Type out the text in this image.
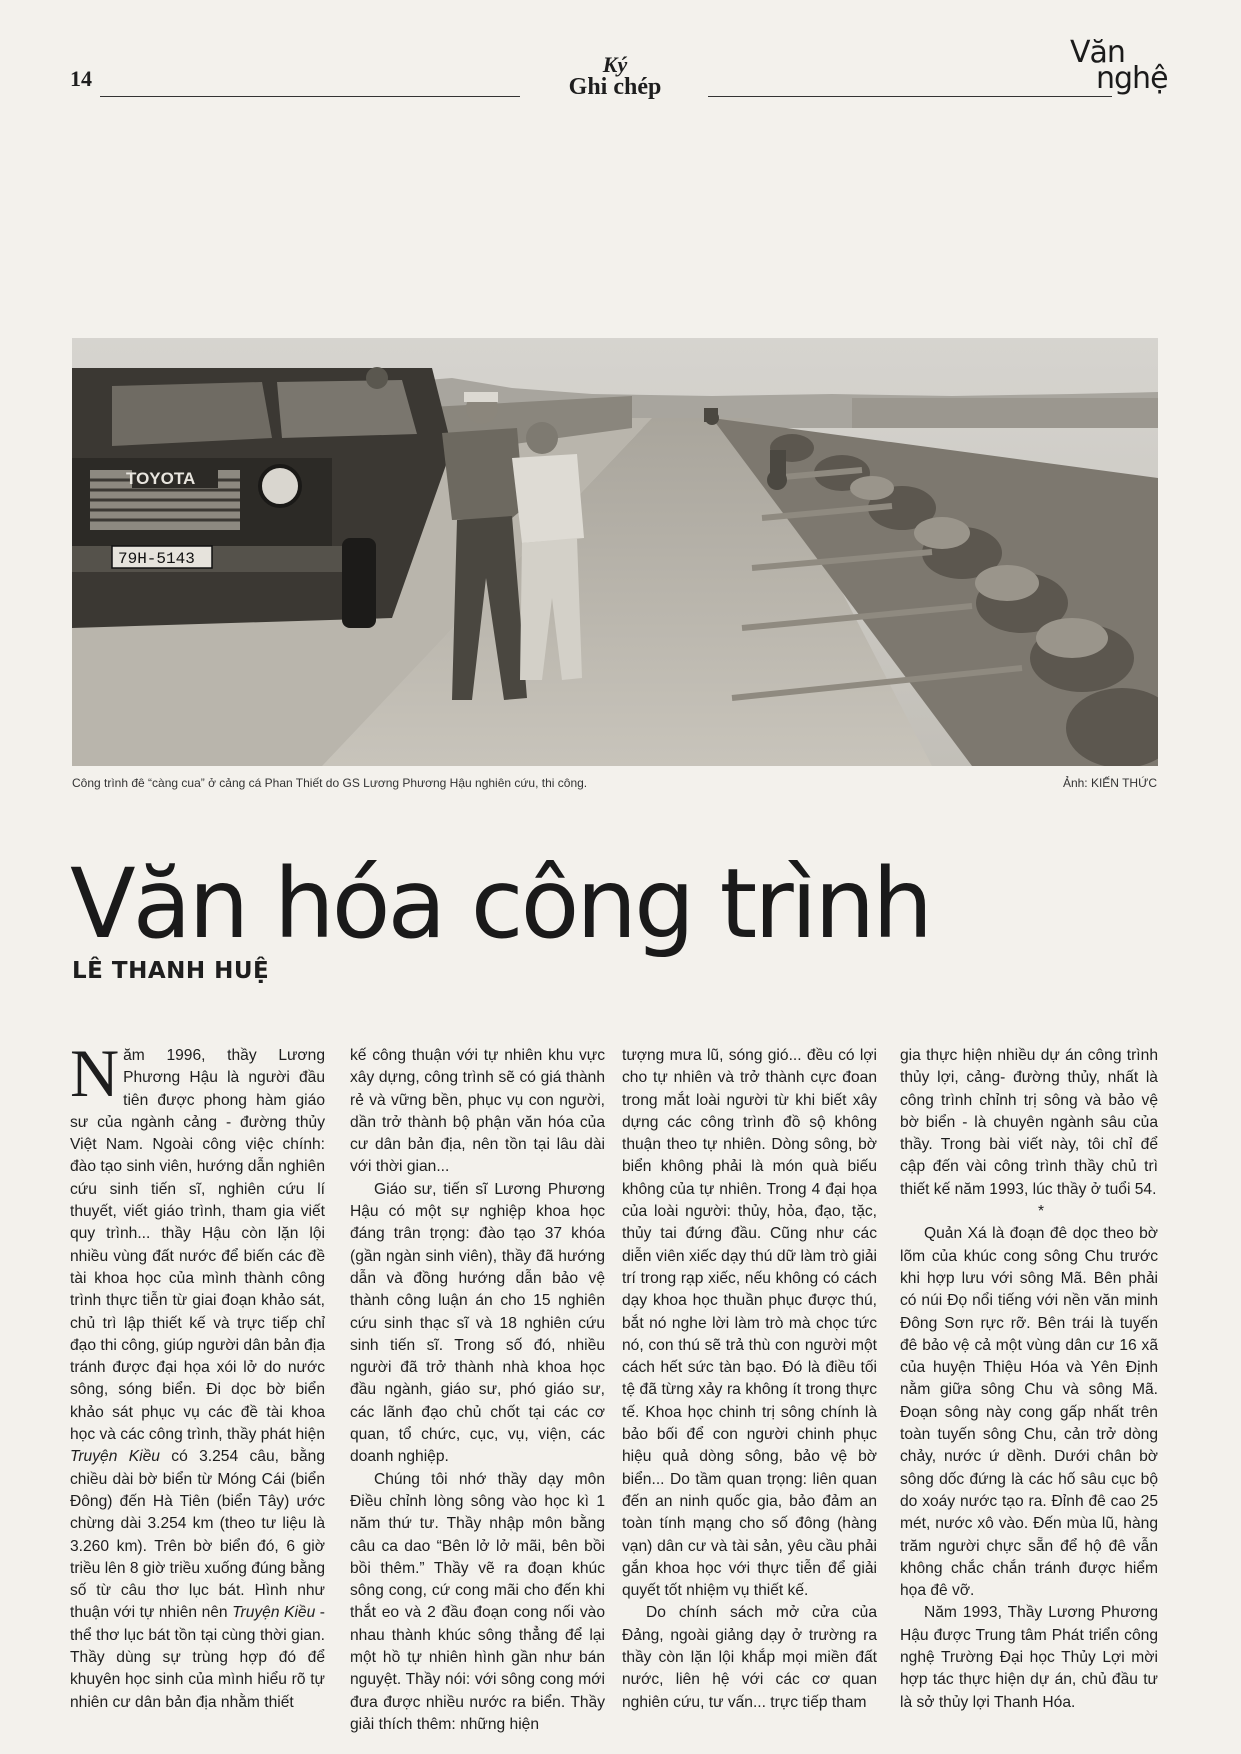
14
Ký
Ghi chép
Văn
nghệ
TOYOTA
79H-5143
Công trình đê “càng cua” ở cảng cá Phan Thiết do GS Lương Phương Hậu nghiên cứu, thi công.	Ảnh: KIẾN THỨC
Văn hóa công trình
LÊ THANH HUỆ

Năm 1996, thầy Lương Phương Hậu là người đầu tiên được phong hàm giáo sư của ngành cảng - đường thủy Việt Nam. Ngoài công việc chính: đào tạo sinh viên, hướng dẫn nghiên cứu sinh tiến sĩ, nghiên cứu lí thuyết, viết giáo trình, tham gia viết quy trình... thầy Hậu còn lặn lội nhiều vùng đất nước để biến các đề tài khoa học của mình thành công trình thực tiễn từ giai đoạn khảo sát, chủ trì lập thiết kế và trực tiếp chỉ đạo thi công, giúp người dân bản địa tránh được đại họa xói lở do nước sông, sóng biển. Đi dọc bờ biển khảo sát phục vụ các đề tài khoa học và các công trình, thầy phát hiện Truyện Kiều có 3.254 câu, bằng chiều dài bờ biển từ Móng Cái (biển Đông) đến Hà Tiên (biển Tây) ước chừng dài 3.254 km (theo tư liệu là 3.260 km). Trên bờ biển đó, 6 giờ triều lên 8 giờ triều xuống đúng bằng số từ câu thơ lục bát. Hình như thuận với tự nhiên nên Truyện Kiều - thể thơ lục bát tồn tại cùng thời gian. Thầy dùng sự trùng hợp đó để khuyên học sinh của mình hiểu rõ tự nhiên cư dân bản địa nhằm thiết

kế công thuận với tự nhiên khu vực xây dựng, công trình sẽ có giá thành rẻ và vững bền, phục vụ con người, dần trở thành bộ phận văn hóa của cư dân bản địa, nên tồn tại lâu dài với thời gian...

Giáo sư, tiến sĩ Lương Phương Hậu có một sự nghiệp khoa học đáng trân trọng: đào tạo 37 khóa (gần ngàn sinh viên), thầy đã hướng dẫn và đồng hướng dẫn bảo vệ thành công luận án cho 15 nghiên cứu sinh thạc sĩ và 18 nghiên cứu sinh tiến sĩ. Trong số đó, nhiều người đã trở thành nhà khoa học đầu ngành, giáo sư, phó giáo sư, các lãnh đạo chủ chốt tại các cơ quan, tổ chức, cục, vụ, viện, các doanh nghiệp.

Chúng tôi nhớ thầy dạy môn Điều chỉnh lòng sông vào học kì 1 năm thứ tư. Thầy nhập môn bằng câu ca dao “Bên lở lở mãi, bên bồi bồi thêm.” Thầy vẽ ra đoạn khúc sông cong, cứ cong mãi cho đến khi thắt eo và 2 đầu đoạn cong nối vào nhau thành khúc sông thẳng để lại một hồ tự nhiên hình gần như bán nguyệt. Thầy nói: với sông cong mới đưa được nhiều nước ra biển. Thầy giải thích thêm: những hiện

tượng mưa lũ, sóng gió... đều có lợi cho tự nhiên và trở thành cực đoan trong mắt loài người từ khi biết xây dựng các công trình đồ sộ không thuận theo tự nhiên. Dòng sông, bờ biển không phải là món quà biếu không của tự nhiên. Trong 4 đại họa của loài người: thủy, hỏa, đạo, tặc, thủy tai đứng đầu. Cũng như các diễn viên xiếc dạy thú dữ làm trò giải trí trong rạp xiếc, nếu không có cách dạy khoa học thuần phục được thú, bắt nó nghe lời làm trò mà chọc tức nó, con thú sẽ trả thù con người một cách hết sức tàn bạo. Đó là điều tối tệ đã từng xảy ra không ít trong thực tế. Khoa học chinh trị sông chính là bảo bối để con người chinh phục hiệu quả dòng sông, bảo vệ bờ biển... Do tầm quan trọng: liên quan đến an ninh quốc gia, bảo đảm an toàn tính mạng cho số đông (hàng vạn) dân cư và tài sản, yêu cầu phải gắn khoa học với thực tiễn để giải quyết tốt nhiệm vụ thiết kế.

Do chính sách mở cửa của Đảng, ngoài giảng dạy ở trường ra thầy còn lặn lội khắp mọi miền đất nước, liên hệ với các cơ quan nghiên cứu, tư vấn... trực tiếp tham

gia thực hiện nhiều dự án công trình thủy lợi, cảng- đường thủy, nhất là công trình chỉnh trị sông và bảo vệ bờ biển - là chuyên ngành sâu của thầy. Trong bài viết này, tôi chỉ để cập đến vài công trình thầy chủ trì thiết kế năm 1993, lúc thầy ở tuổi 54.

*

Quản Xá là đoạn đê dọc theo bờ lõm của khúc cong sông Chu trước khi hợp lưu với sông Mã. Bên phải có núi Đọ nổi tiếng với nền văn minh Đông Sơn rực rỡ. Bên trái là tuyến đê bảo vệ cả một vùng dân cư 16 xã của huyện Thiệu Hóa và Yên Định nằm giữa sông Chu và sông Mã. Đoạn sông này cong gấp nhất trên toàn tuyến sông Chu, cản trở dòng chảy, nước ứ dềnh. Dưới chân bờ sông dốc đứng là các hố sâu cục bộ do xoáy nước tạo ra. Đỉnh đê cao 25 mét, nước xô vào. Đến mùa lũ, hàng trăm người chực sẵn để hộ đê vẫn không chắc chắn tránh được hiểm họa đê vỡ.

Năm 1993, Thầy Lương Phương Hậu được Trung tâm Phát triển công nghệ Trường Đại học Thủy Lợi mời hợp tác thực hiện dự án, chủ đầu tư là sở thủy lợi Thanh Hóa.
